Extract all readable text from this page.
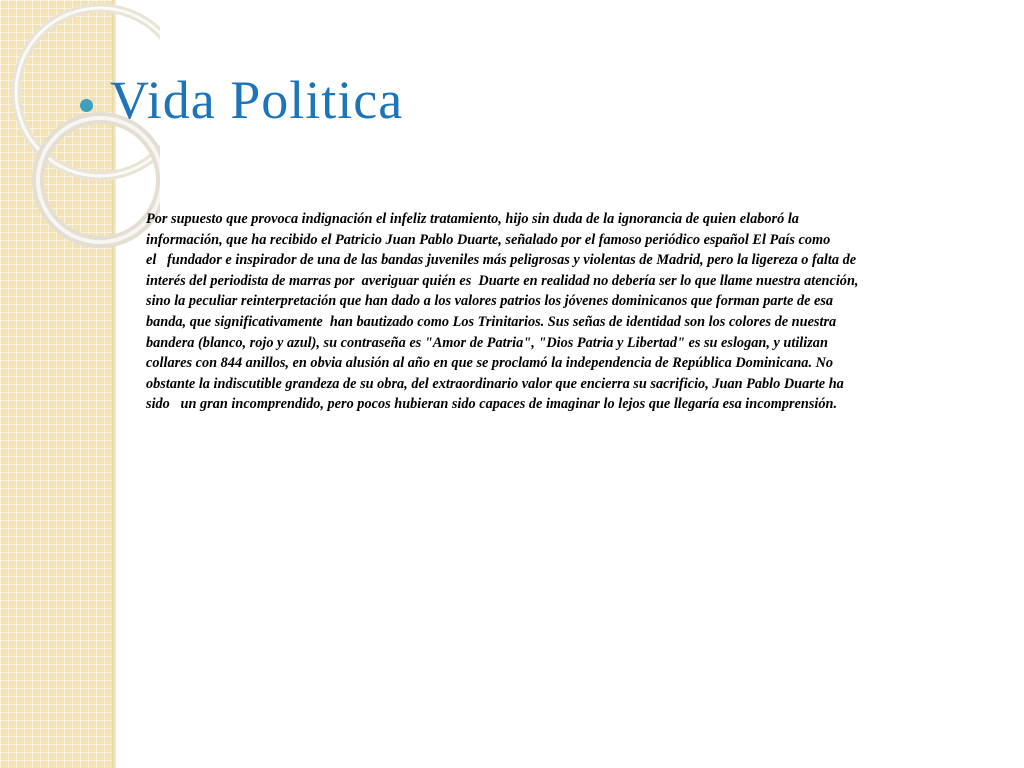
Vida Politica

Por supuesto que provoca indignación el infeliz tratamiento, hijo sin duda de la ignorancia de quien elaboró la
información, que ha recibido el Patricio Juan Pablo Duarte, señalado por el famoso periódico español El País como
el   fundador e inspirador de una de las bandas juveniles más peligrosas y violentas de Madrid, pero la ligereza o falta de
interés del periodista de marras por  averiguar quién es  Duarte en realidad no debería ser lo que llame nuestra atención,
sino la peculiar reinterpretación que han dado a los valores patrios los jóvenes dominicanos que forman parte de esa
banda, que significativamente  han bautizado como Los Trinitarios. Sus señas de identidad son los colores de nuestra
bandera (blanco, rojo y azul), su contraseña es "Amor de Patria", "Dios Patria y Libertad" es su eslogan, y utilizan
collares con 844 anillos, en obvia alusión al año en que se proclamó la independencia de República Dominicana. No
obstante la indiscutible grandeza de su obra, del extraordinario valor que encierra su sacrificio, Juan Pablo Duarte ha
sido   un gran incomprendido, pero pocos hubieran sido capaces de imaginar lo lejos que llegaría esa incomprensión.
